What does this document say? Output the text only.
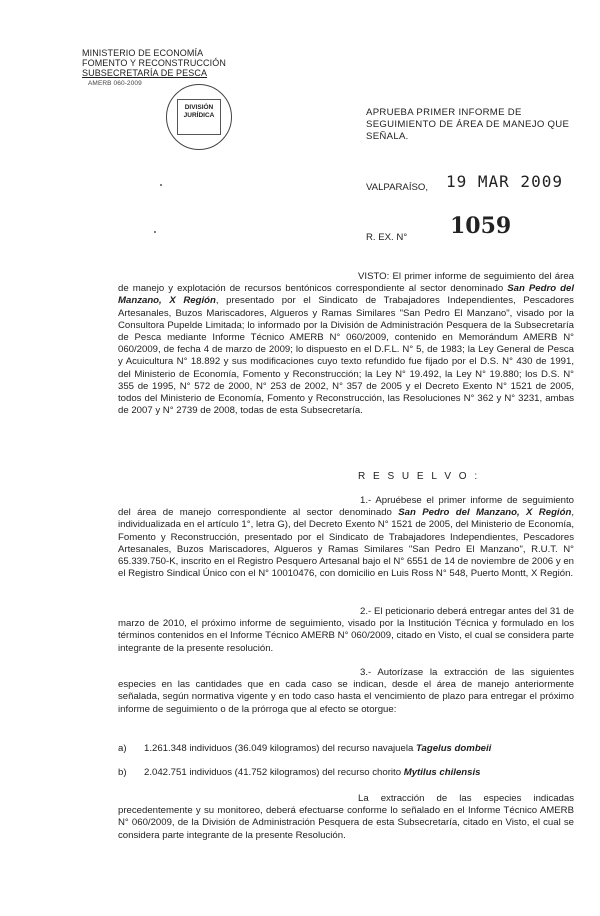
MINISTERIO DE ECONOMÍA
FOMENTO Y RECONSTRUCCIÓN
SUBSECRETARÍA DE PESCA
AMERB 060-2009
DIVISIÓN JURÍDICA	APRUEBA PRIMER INFORME DE SEGUIMIENTO DE ÁREA DE MANEJO QUE SEÑALA.
VALPARAÍSO, 19 MAR 2009
R. EX. N° 1059

VISTO: El primer informe de seguimiento del área de manejo y explotación de recursos bentónicos correspondiente al sector denominado San Pedro del Manzano, X Región, presentado por el Sindicato de Trabajadores Independientes, Pescadores Artesanales, Buzos Mariscadores, Algueros y Ramas Similares "San Pedro El Manzano", visado por la Consultora Pupelde Limitada; lo informado por la División de Administración Pesquera de la Subsecretaría de Pesca mediante Informe Técnico AMERB N° 060/2009, contenido en Memorándum AMERB N° 060/2009, de fecha 4 de marzo de 2009; lo dispuesto en el D.F.L. N° 5, de 1983; la Ley General de Pesca y Acuicultura N° 18.892 y sus modificaciones cuyo texto refundido fue fijado por el D.S. N° 430 de 1991, del Ministerio de Economía, Fomento y Reconstrucción; la Ley N° 19.492, la Ley N° 19.880; los D.S. N° 355 de 1995, N° 572 de 2000, N° 253 de 2002, N° 357 de 2005 y el Decreto Exento N° 1521 de 2005, todos del Ministerio de Economía, Fomento y Reconstrucción, las Resoluciones N° 362 y N° 3231, ambas de 2007 y N° 2739 de 2008, todas de esta Subsecretaría.

R E S U E L V O :

1.- Apruébese el primer informe de seguimiento del área de manejo correspondiente al sector denominado San Pedro del Manzano, X Región, individualizada en el artículo 1°, letra G), del Decreto Exento N° 1521 de 2005, del Ministerio de Economía, Fomento y Reconstrucción, presentado por el Sindicato de Trabajadores Independientes, Pescadores Artesanales, Buzos Mariscadores, Algueros y Ramas Similares "San Pedro El Manzano", R.U.T. N° 65.339.750-K, inscrito en el Registro Pesquero Artesanal bajo el N° 6551 de 14 de noviembre de 2006 y en el Registro Sindical Único con el N° 10010476, con domicilio en Luis Ross N° 548, Puerto Montt, X Región.

2.- El peticionario deberá entregar antes del 31 de marzo de 2010, el próximo informe de seguimiento, visado por la Institución Técnica y formulado en los términos contenidos en el Informe Técnico AMERB N° 060/2009, citado en Visto, el cual se considera parte integrante de la presente resolución.

3.- Autorízase la extracción de las siguientes especies en las cantidades que en cada caso se indican, desde el área de manejo anteriormente señalada, según normativa vigente y en todo caso hasta el vencimiento de plazo para entregar el próximo informe de seguimiento o de la prórroga que al efecto se otorgue:

a) 1.261.348 individuos (36.049 kilogramos) del recurso navajuela Tagelus dombeii
b) 2.042.751 individuos (41.752 kilogramos) del recurso chorito Mytilus chilensis

La extracción de las especies indicadas precedentemente y su monitoreo, deberá efectuarse conforme lo señalado en el Informe Técnico AMERB N° 060/2009, de la División de Administración Pesquera de esta Subsecretaría, citado en Visto, el cual se considera parte integrante de la presente Resolución.
